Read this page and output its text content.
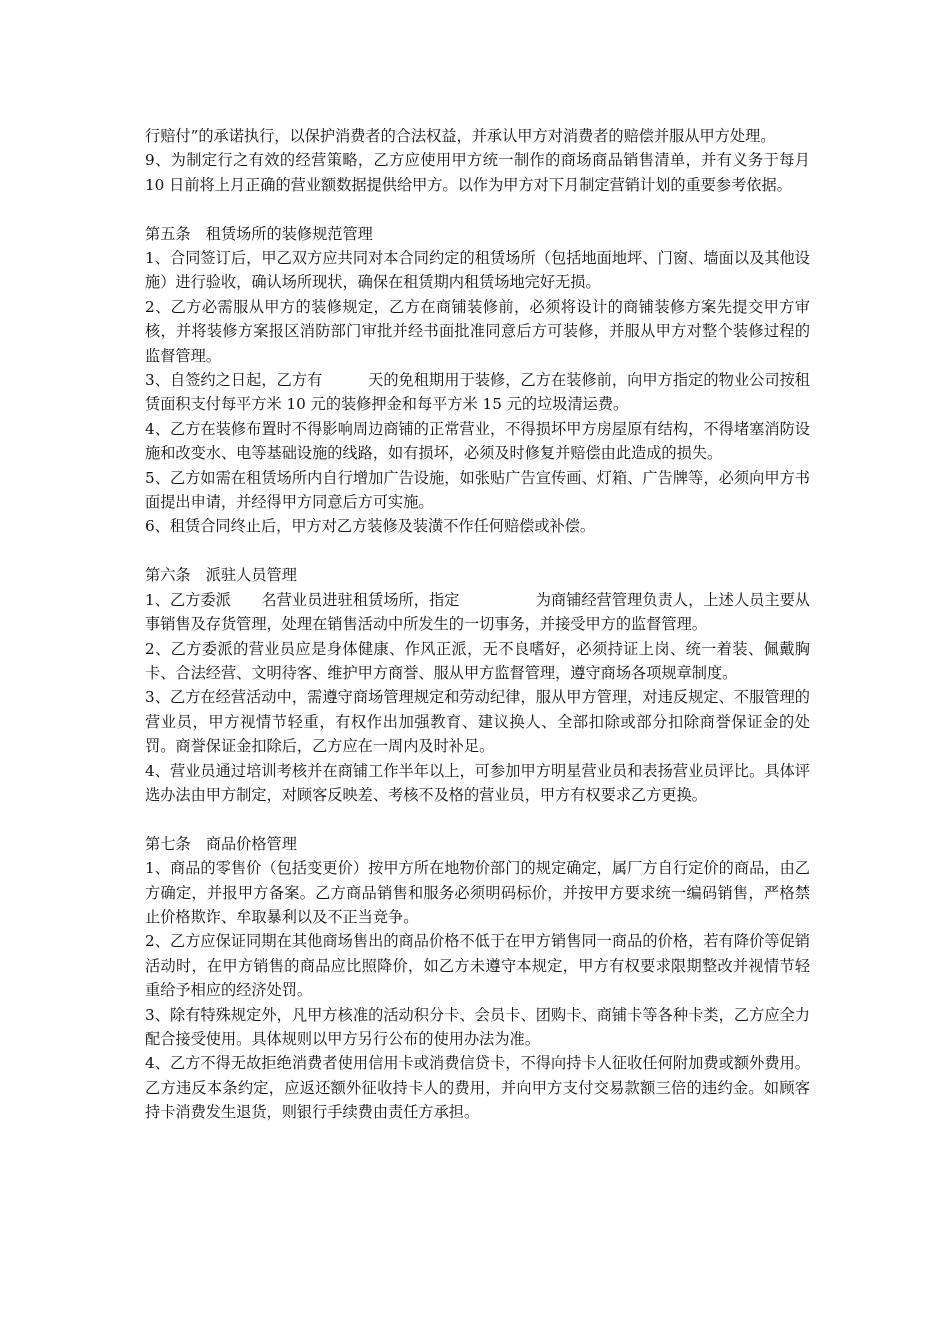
行赔付”的承诺执行，以保护消费者的合法权益，并承认甲方对消费者的赔偿并服从甲方处理。

9、为制定行之有效的经营策略，乙方应使用甲方统一制作的商场商品销售清单，并有义务于每月 10 日前将上月正确的营业额数据提供给甲方。以作为甲方对下月制定营销计划的重要参考依据。

第五条　租赁场所的装修规范管理

1、合同签订后，甲乙双方应共同对本合同约定的租赁场所（包括地面地坪、门窗、墙面以及其他设施）进行验收，确认场所现状，确保在租赁期内租赁场地完好无损。

2、乙方必需服从甲方的装修规定，乙方在商铺装修前，必须将设计的商铺装修方案先提交甲方审核，并将装修方案报区消防部门审批并经书面批准同意后方可装修，并服从甲方对整个装修过程的监督管理。

3、自签约之日起，乙方有　　　天的免租期用于装修，乙方在装修前，向甲方指定的物业公司按租赁面积支付每平方米 10 元的装修押金和每平方米 15 元的垃圾清运费。

4、乙方在装修布置时不得影响周边商铺的正常营业，不得损坏甲方房屋原有结构，不得堵塞消防设施和改变水、电等基础设施的线路，如有损坏，必须及时修复并赔偿由此造成的损失。

5、乙方如需在租赁场所内自行增加广告设施，如张贴广告宣传画、灯箱、广告牌等，必须向甲方书面提出申请，并经得甲方同意后方可实施。

6、租赁合同终止后，甲方对乙方装修及装潢不作任何赔偿或补偿。

第六条　派驻人员管理

1、乙方委派　　名营业员进驻租赁场所，指定　　　　　为商铺经营管理负责人，上述人员主要从事销售及存货管理，处理在销售活动中所发生的一切事务，并接受甲方的监督管理。

2、乙方委派的营业员应是身体健康、作风正派，无不良嗜好，必须持证上岗、统一着装、佩戴胸卡、合法经营、文明待客、维护甲方商誉、服从甲方监督管理，遵守商场各项规章制度。

3、乙方在经营活动中，需遵守商场管理规定和劳动纪律，服从甲方管理，对违反规定、不服管理的营业员，甲方视情节轻重，有权作出加强教育、建议换人、全部扣除或部分扣除商誉保证金的处罚。商誉保证金扣除后，乙方应在一周内及时补足。

4、营业员通过培训考核并在商铺工作半年以上，可参加甲方明星营业员和表扬营业员评比。具体评选办法由甲方制定，对顾客反映差、考核不及格的营业员，甲方有权要求乙方更换。

第七条　商品价格管理

1、商品的零售价（包括变更价）按甲方所在地物价部门的规定确定，属厂方自行定价的商品，由乙方确定，并报甲方备案。乙方商品销售和服务必须明码标价，并按甲方要求统一编码销售，严格禁止价格欺诈、牟取暴利以及不正当竞争。

2、乙方应保证同期在其他商场售出的商品价格不低于在甲方销售同一商品的价格，若有降价等促销活动时，在甲方销售的商品应比照降价，如乙方未遵守本规定，甲方有权要求限期整改并视情节轻重给予相应的经济处罚。

3、除有特殊规定外，凡甲方核准的活动积分卡、会员卡、团购卡、商铺卡等各种卡类，乙方应全力配合接受使用。具体规则以甲方另行公布的使用办法为准。

4、乙方不得无故拒绝消费者使用信用卡或消费信贷卡，不得向持卡人征收任何附加费或额外费用。乙方违反本条约定，应返还额外征收持卡人的费用，并向甲方支付交易款额三倍的违约金。如顾客持卡消费发生退货，则银行手续费由责任方承担。
